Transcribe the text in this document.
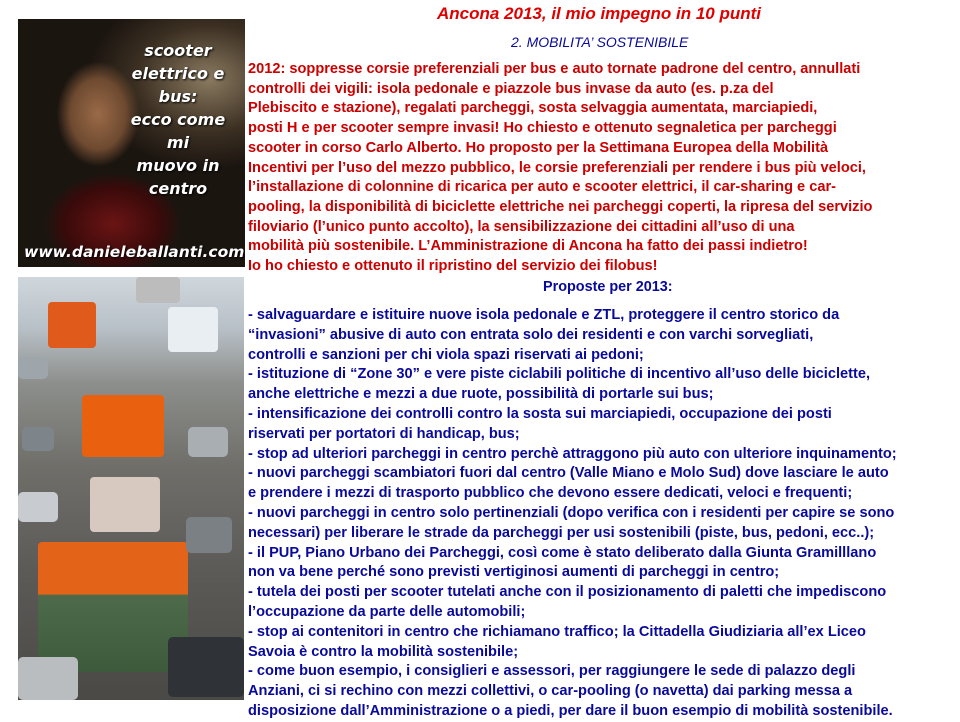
scooter
elettrico e bus:
ecco come mi
muovo in
centro
www.danieleballanti.com
Ancona 2013, il mio impegno in 10 punti
2. MOBILITA’ SOSTENIBILE
2012: soppresse corsie preferenziali per bus e auto tornate padrone del centro, annullati
controlli dei vigili: isola pedonale e piazzole bus invase da auto (es. p.za del
Plebiscito e stazione), regalati parcheggi, sosta selvaggia aumentata, marciapiedi,
posti H e per scooter sempre invasi! Ho chiesto e ottenuto segnaletica per parcheggi
scooter in corso Carlo Alberto. Ho proposto per la Settimana Europea della Mobilità
Incentivi per l’uso del mezzo pubblico, le corsie preferenziali per rendere i bus più veloci,
l’installazione di colonnine di ricarica per auto e scooter elettrici, il car-sharing e car-
pooling, la disponibilità di biciclette elettriche nei parcheggi coperti, la ripresa del servizio
filoviario (l’unico punto accolto), la sensibilizzazione dei cittadini all’uso di una
mobilità più sostenibile. L’Amministrazione di Ancona ha fatto dei passi indietro!
Io ho chiesto e ottenuto il ripristino del servizio dei filobus!
Proposte per 2013:
- salvaguardare e istituire nuove isola pedonale e ZTL, proteggere il centro storico da
“invasioni” abusive di auto con entrata solo dei residenti e con varchi sorvegliati,
controlli e sanzioni per chi viola spazi riservati ai pedoni;
- istituzione di “Zone 30” e vere piste ciclabili politiche di incentivo all’uso delle biciclette,
anche elettriche e mezzi a due ruote, possibilità di portarle sui bus;
- intensificazione dei controlli contro la sosta sui marciapiedi, occupazione dei posti
riservati per portatori di handicap, bus;
- stop ad ulteriori parcheggi in centro perchè attraggono più auto con ulteriore inquinamento;
- nuovi parcheggi scambiatori fuori dal centro (Valle Miano e Molo Sud) dove lasciare le auto
e prendere i mezzi di trasporto pubblico che devono essere dedicati, veloci e frequenti;
- nuovi parcheggi in centro solo pertinenziali (dopo verifica con i residenti per capire se sono
necessari) per liberare le strade da parcheggi per usi sostenibili (piste, bus, pedoni, ecc..);
- il PUP, Piano Urbano dei Parcheggi, così come è stato deliberato dalla Giunta Gramilllano
non va bene perché sono previsti vertiginosi aumenti di parcheggi in centro;
- tutela dei posti per scooter tutelati anche con il posizionamento di paletti che impediscono
l’occupazione da parte delle automobili;
- stop ai contenitori in centro che richiamano traffico; la Cittadella Giudiziaria all’ex Liceo
Savoia è contro la mobilità sostenibile;
- come buon esempio, i consiglieri e assessori, per raggiungere le sede di palazzo degli
Anziani, ci si rechino con mezzi collettivi, o car-pooling (o navetta) dai parking messa a
disposizione dall’Amministrazione o a piedi, per dare il buon esempio di mobilità sostenibile.
